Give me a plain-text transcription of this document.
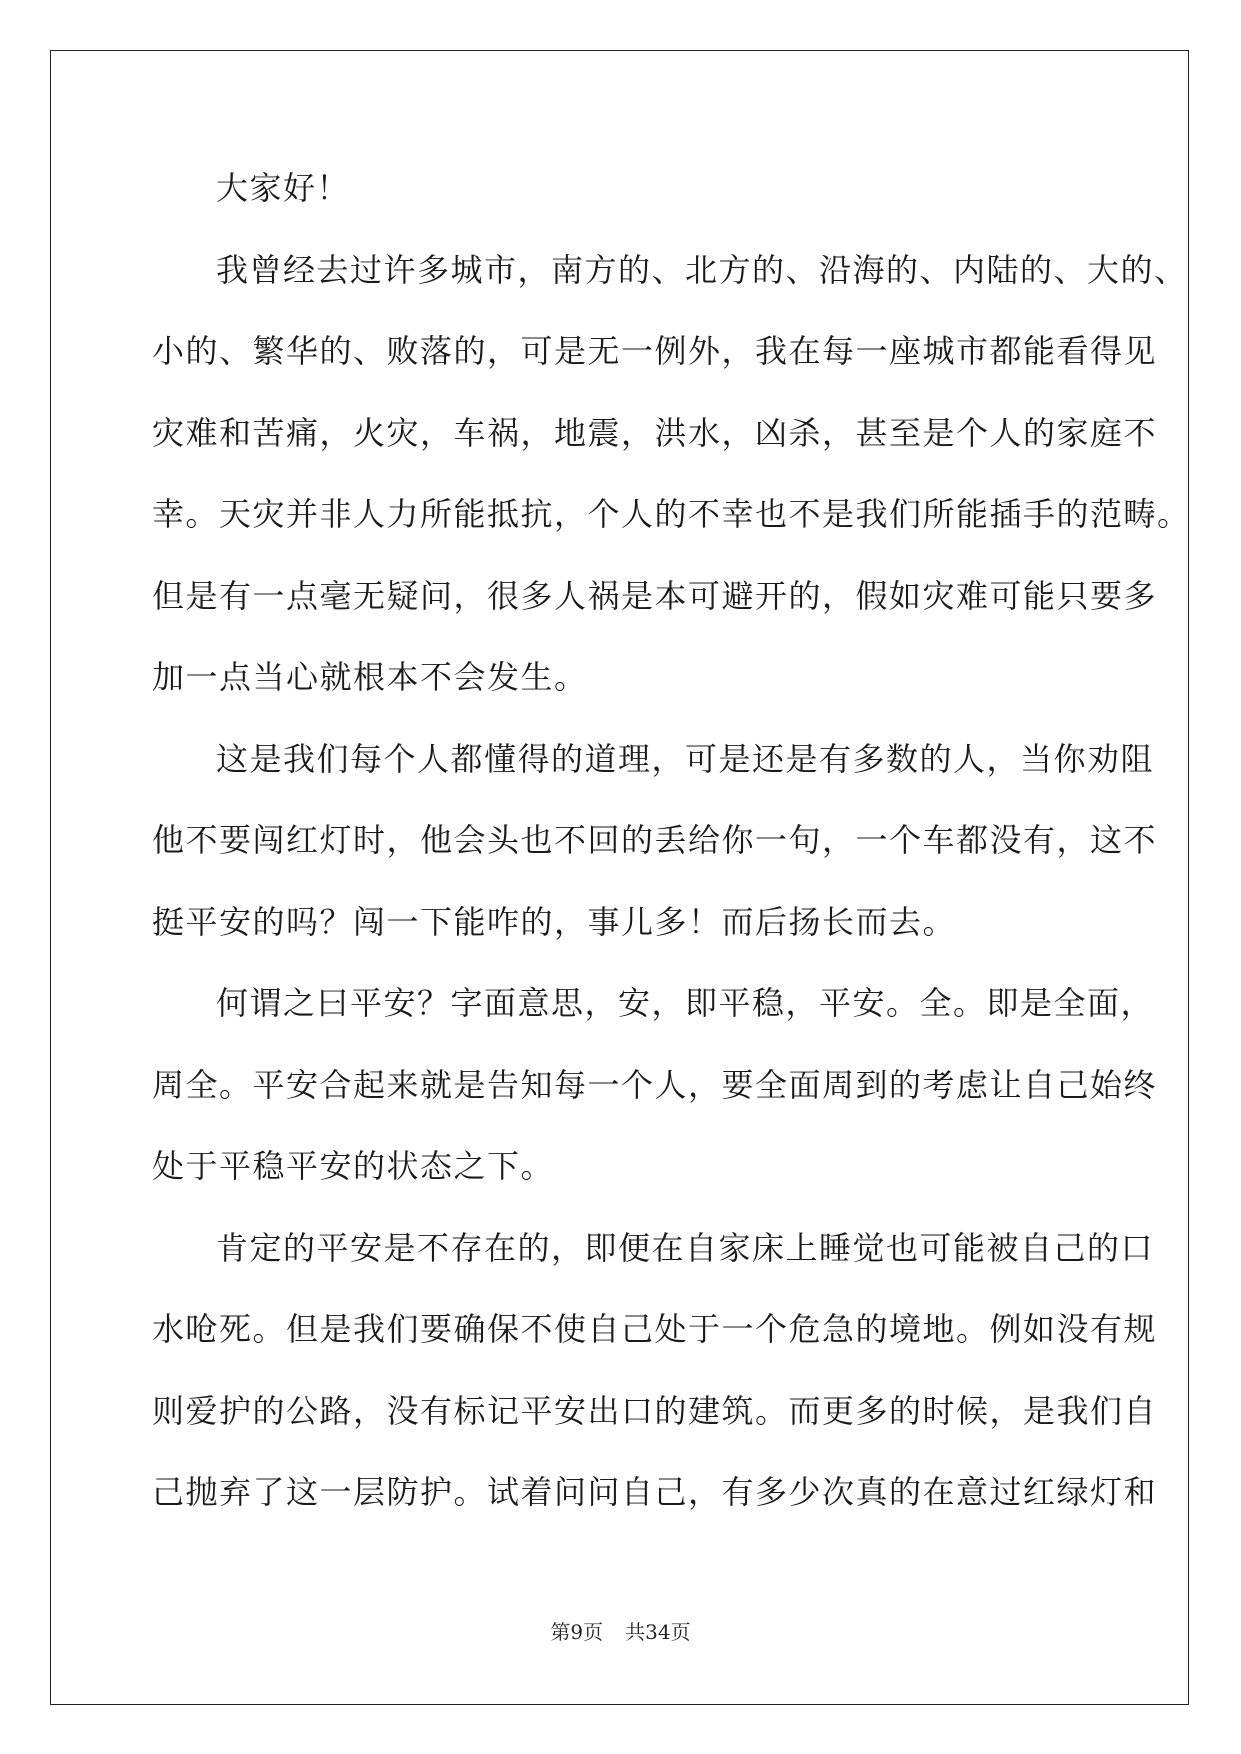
大家好！
我曾经去过许多城市，南方的、北方的、沿海的、内陆的、大的、
小的、繁华的、败落的，可是无一例外，我在每一座城市都能看得见
灾难和苦痛，火灾，车祸，地震，洪水，凶杀，甚至是个人的家庭不
幸。天灾并非人力所能抵抗，个人的不幸也不是我们所能插手的范畴。
但是有一点毫无疑问，很多人祸是本可避开的，假如灾难可能只要多
加一点当心就根本不会发生。
这是我们每个人都懂得的道理，可是还是有多数的人，当你劝阻
他不要闯红灯时，他会头也不回的丢给你一句，一个车都没有，这不
挺平安的吗？闯一下能咋的，事儿多！而后扬长而去。
何谓之曰平安？字面意思，安，即平稳，平安。全。即是全面，
周全。平安合起来就是告知每一个人，要全面周到的考虑让自己始终
处于平稳平安的状态之下。
肯定的平安是不存在的，即便在自家床上睡觉也可能被自己的口
水呛死。但是我们要确保不使自己处于一个危急的境地。例如没有规
则爱护的公路，没有标记平安出口的建筑。而更多的时候，是我们自
己抛弃了这一层防护。试着问问自己，有多少次真的在意过红绿灯和
第9页 共34页
